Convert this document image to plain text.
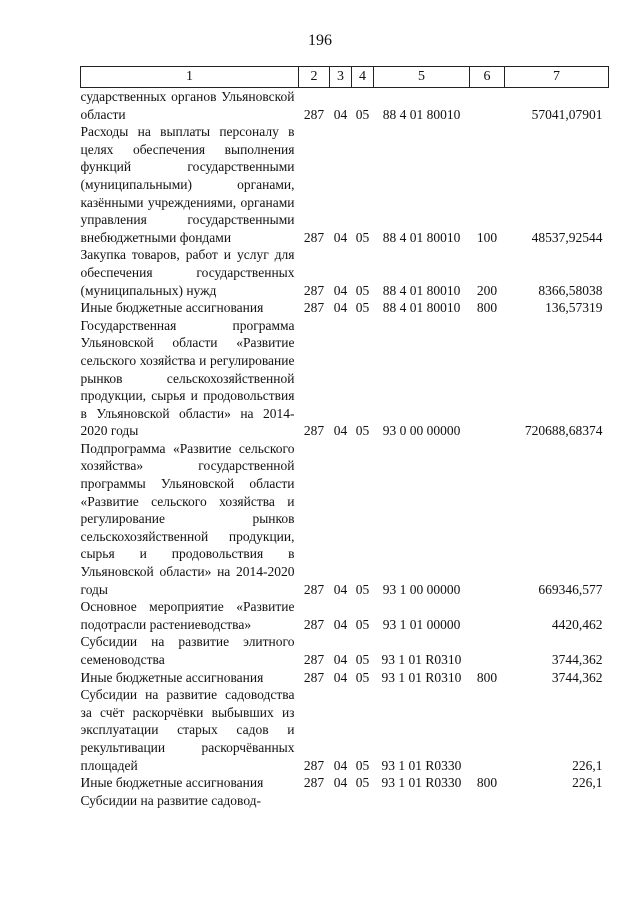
196
1	2	3	4	5	6	7
сударственных органов Ульяновской области	287	04	05	88 4 01 80010		57041,07901
Расходы на выплаты персоналу в целях обеспечения выполнения функций государственными (муниципальными) органами, казёнными учреждениями, органами управления государственными внебюджетными фондами	287	04	05	88 4 01 80010	100	48537,92544
Закупка товаров, работ и услуг для обеспечения государственных (муниципальных) нужд	287	04	05	88 4 01 80010	200	8366,58038
Иные бюджетные ассигнования	287	04	05	88 4 01 80010	800	136,57319
Государственная программа Ульяновской области «Развитие сельского хозяйства и регулирование рынков сельскохозяйственной продукции, сырья и продовольствия в Ульяновской области» на 2014-2020 годы	287	04	05	93 0 00 00000		720688,68374
Подпрограмма «Развитие сельского хозяйства» государственной программы Ульяновской области «Развитие сельского хозяйства и регулирование рынков сельскохозяйственной продукции, сырья и продовольствия в Ульяновской области» на 2014-2020 годы	287	04	05	93 1 00 00000		669346,577
Основное мероприятие «Развитие подотрасли растениеводства»	287	04	05	93 1 01 00000		4420,462
Субсидии на развитие элитного семеноводства	287	04	05	93 1 01 R0310		3744,362
Иные бюджетные ассигнования	287	04	05	93 1 01 R0310	800	3744,362
Субсидии на развитие садоводства за счёт раскорчёвки выбывших из эксплуатации старых садов и рекультивации раскорчёванных площадей	287	04	05	93 1 01 R0330		226,1
Иные бюджетные ассигнования	287	04	05	93 1 01 R0330	800	226,1
Субсидии на развитие садовод-						
